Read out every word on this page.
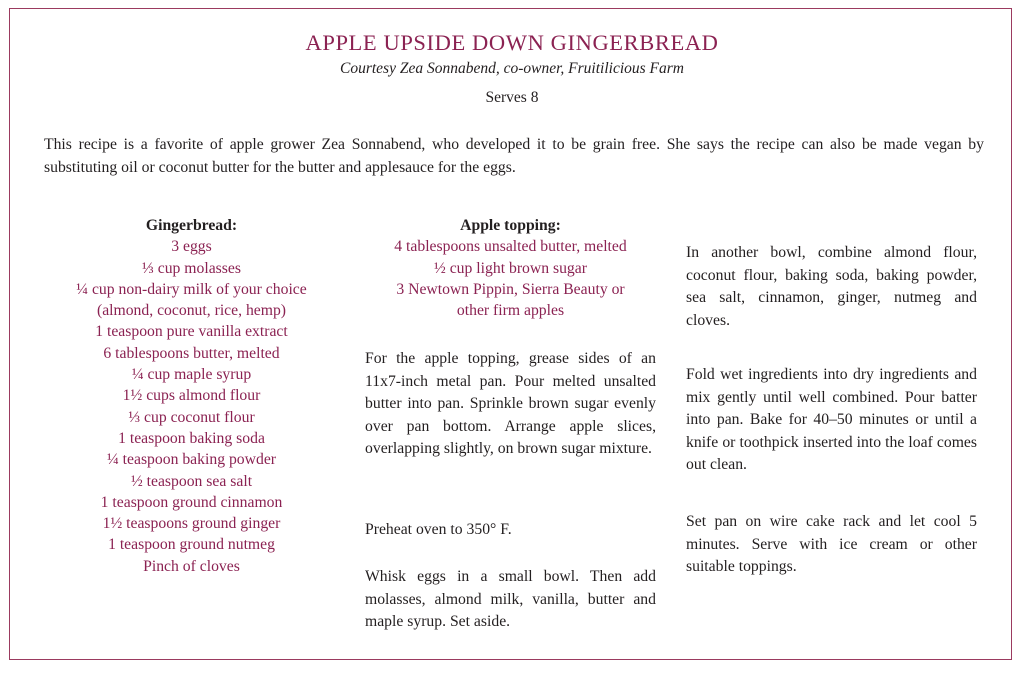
APPLE UPSIDE DOWN GINGERBREAD
Courtesy Zea Sonnabend, co-owner, Fruitilicious Farm
Serves 8

This recipe is a favorite of apple grower Zea Sonnabend, who developed it to be grain free. She says the recipe can also be made vegan by substituting oil or coconut butter for the butter and applesauce for the eggs.

Gingerbread:
3 eggs
⅓ cup molasses
¼ cup non-dairy milk of your choice
(almond, coconut, rice, hemp)
1 teaspoon pure vanilla extract
6 tablespoons butter, melted
¼ cup maple syrup
1½ cups almond flour
⅓ cup coconut flour
1 teaspoon baking soda
¼ teaspoon baking powder
½ teaspoon sea salt
1 teaspoon ground cinnamon
1½ teaspoons ground ginger
1 teaspoon ground nutmeg
Pinch of cloves
Apple topping:
4 tablespoons unsalted butter, melted
½ cup light brown sugar
3 Newtown Pippin, Sierra Beauty or
other firm apples

For the apple topping, grease sides of an 11x7-inch metal pan. Pour melted unsalted butter into pan. Sprinkle brown sugar evenly over pan bottom. Arrange apple slices, overlapping slightly, on brown sugar mixture.

Preheat oven to 350° F.

Whisk eggs in a small bowl. Then add molasses, almond milk, vanilla, butter and maple syrup. Set aside.

In another bowl, combine almond flour, coconut flour, baking soda, baking powder, sea salt, cinnamon, ginger, nutmeg and cloves.

Fold wet ingredients into dry ingredients and mix gently until well combined. Pour batter into pan. Bake for 40–50 minutes or until a knife or toothpick inserted into the loaf comes out clean.

Set pan on wire cake rack and let cool 5 minutes. Serve with ice cream or other suitable toppings.
